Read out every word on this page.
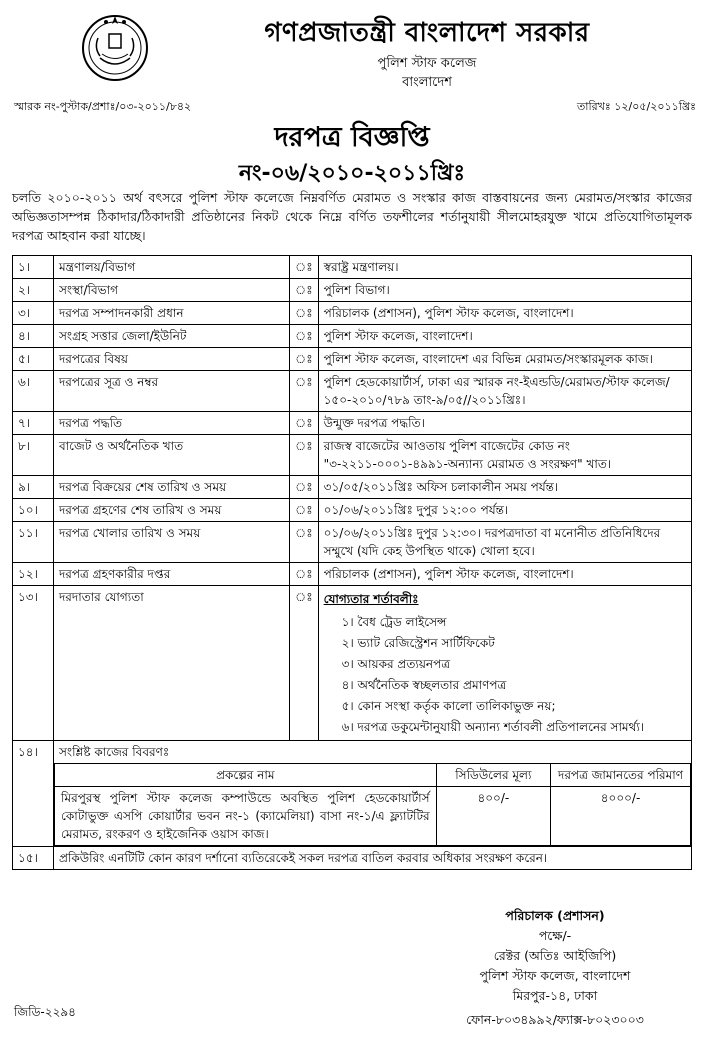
গণপ্রজাতন্ত্রী বাংলাদেশ সরকার
পুলিশ স্টাফ কলেজ
বাংলাদেশ
স্মারক নং-পুস্টাক/প্রশাঃ/০৩-২০১১/৮৪২	তারিখঃ ১২/০৫/২০১১খ্রিঃ
দরপত্র বিজ্ঞপ্তি
নং-০৬/২০১০-২০১১খ্রিঃ
চলতি ২০১০-২০১১ অর্থ বৎসরে পুলিশ স্টাফ কলেজে নিম্নবর্ণিত মেরামত ও সংস্কার কাজ বাস্তবায়নের জন্য মেরামত/সংস্কার কাজের অভিজ্ঞতাসম্পন্ন ঠিকাদার/ঠিকাদারী প্রতিষ্ঠানের নিকট থেকে নিম্নে বর্ণিত তফশীলের শর্তানুযায়ী সীলমোহরযুক্ত খামে প্রতিযোগিতামূলক দরপত্র আহবান করা যাচ্ছে।
১।	মন্ত্রণালয়/বিভাগ	ঃ	স্বরাষ্ট্র মন্ত্রণালয়।
২।	সংস্থা/বিভাগ	ঃ	পুলিশ বিভাগ।
৩।	দরপত্র সম্পাদনকারী প্রধান	ঃ	পরিচালক (প্রশাসন), পুলিশ স্টাফ কলেজ, বাংলাদেশ।
৪।	সংগ্রহ সত্তার জেলা/ইউনিট	ঃ	পুলিশ স্টাফ কলেজ, বাংলাদেশ।
৫।	দরপত্রের বিষয়	ঃ	পুলিশ স্টাফ কলেজ, বাংলাদেশ এর বিভিন্ন মেরামত/সংস্কারমূলক কাজ।
৬।	দরপত্রের সূত্র ও নম্বর	ঃ	পুলিশ হেডকোয়ার্টার্স, ঢাকা এর স্মারক নং-ইএন্ডডি/মেরামত/স্টাফ কলেজ/১৫০-২০১০/৭৮৯ তাং-৯/০৫//২০১১খ্রিঃ।
৭।	দরপত্র পদ্ধতি	ঃ	উন্মুক্ত দরপত্র পদ্ধতি।
৮।	বাজেট ও অর্থনৈতিক খাত	ঃ	রাজস্ব বাজেটের আওতায় পুলিশ বাজেটের কোড নং "৩-২২১১-০০০১-৪৯৯১-অন্যান্য মেরামত ও সংরক্ষণ" খাত।
৯।	দরপত্র বিক্রয়ের শেষ তারিখ ও সময়	ঃ	৩১/০৫/২০১১খ্রিঃ অফিস চলাকালীন সময় পর্যন্ত।
১০।	দরপত্র গ্রহণের শেষ তারিখ ও সময়	ঃ	০১/০৬/২০১১খ্রিঃ দুপুর ১২:০০ পর্যন্ত।
১১।	দরপত্র খোলার তারিখ ও সময়	ঃ	০১/০৬/২০১১খ্রিঃ দুপুর ১২:৩০। দরপত্রদাতা বা মনোনীত প্রতিনিধিদের সম্মুখে (যদি কেহ উপস্থিত থাকে) খোলা হবে।
১২।	দরপত্র গ্রহণকারীর দপ্তর	ঃ	পরিচালক (প্রশাসন), পুলিশ স্টাফ কলেজ, বাংলাদেশ।
১৩।	দরদাতার যোগ্যতা	ঃ	যোগ্যতার শর্তাবলীঃ
১। বৈধ ট্রেড লাইসেন্স
২। ভ্যাট রেজিস্ট্রেশন সার্টিফিকেট
৩। আয়কর প্রত্যয়নপত্র
৪। অর্থনৈতিক স্বচ্ছলতার প্রমাণপত্র
৫। কোন সংস্থা কর্তৃক কালো তালিকাভুক্ত নয়;
৬। দরপত্র ডকুমেন্টানুযায়ী অন্যান্য শর্তাবলী প্রতিপালনের সামর্থ্য।

১৪।	সংশ্লিষ্ট কাজের বিবরণঃ
প্রকল্পের নাম	সিডিউলের মূল্য	দরপত্র জামানতের পরিমাণ
মিরপুরস্থ পুলিশ স্টাফ কলেজ কম্পাউন্ডে অবস্থিত পুলিশ হেডকোয়ার্টার্স কোটাভুক্ত এসপি কোয়ার্টার ভবন নং-১ (ক্যামেলিয়া) বাসা নং-১/এ ফ্ল্যাটটির মেরামত, রংকরণ ও হাইজেনিক ওয়াস কাজ।	৪০০/-	৪০০০/-

১৫।	প্রকিউরিং এনটিটি কোন কারণ দর্শানো ব্যতিরেকেই সকল দরপত্র বাতিল করবার অধিকার সংরক্ষণ করেন।
পরিচালক (প্রশাসন)
পক্ষে/-
রেক্টর (অতিঃ আইজিপি)
পুলিশ স্টাফ কলেজ, বাংলাদেশ
মিরপুর-১৪, ঢাকা
ফোন-৮০৩৪৯৯২/ফ্যাক্স-৮০২৩০০৩
জিডি-২২৯৪
